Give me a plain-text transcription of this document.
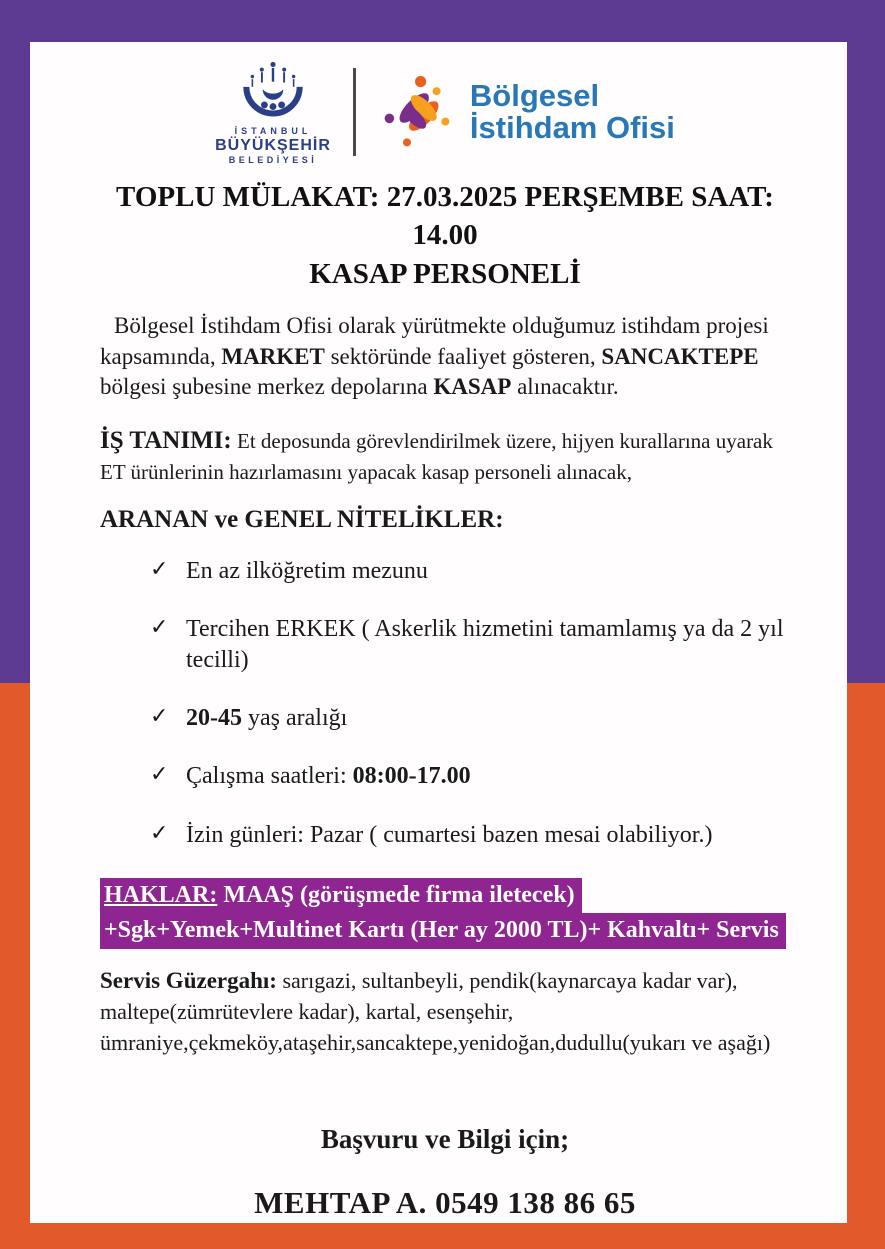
İSTANBUL
BÜYÜKŞEHİR
BELEDİYESİ
Bölgesel
İstihdam Ofisi
TOPLU MÜLAKAT: 27.03.2025 PERŞEMBE SAAT: 14.00
KASAP PERSONELİ

Bölgesel İstihdam Ofisi olarak yürütmekte olduğumuz istihdam projesi kapsamında, MARKET sektöründe faaliyet gösteren, SANCAKTEPE bölgesi şubesine merkez depolarına KASAP alınacaktır.

İŞ TANIMI: Et deposunda görevlendirilmek üzere, hijyen kurallarına uyarak ET ürünlerinin hazırlamasını yapacak kasap personeli alınacak,

ARANAN ve GENEL NİTELİKLER:
✓ En az ilköğretim mezunu
✓ Tercihen ERKEK ( Askerlik hizmetini tamamlamış ya da 2 yıl tecilli)
✓ 20-45 yaş aralığı
✓ Çalışma saatleri: 08:00-17.00
✓ İzin günleri: Pazar ( cumartesi bazen mesai olabiliyor.)
HAKLAR: MAAŞ (görüşmede firma iletecek)
+Sgk+Yemek+Multinet Kartı (Her ay 2000 TL)+ Kahvaltı+ Servis

Servis Güzergahı: sarıgazi, sultanbeyli, pendik(kaynarcaya kadar var), maltepe(zümrütevlere kadar), kartal, esenşehir,
ümraniye,çekmeköy,ataşehir,sancaktepe,yenidoğan,dudullu(yukarı ve aşağı)

Başvuru ve Bilgi için;

MEHTAP A. 0549 138 86 65
